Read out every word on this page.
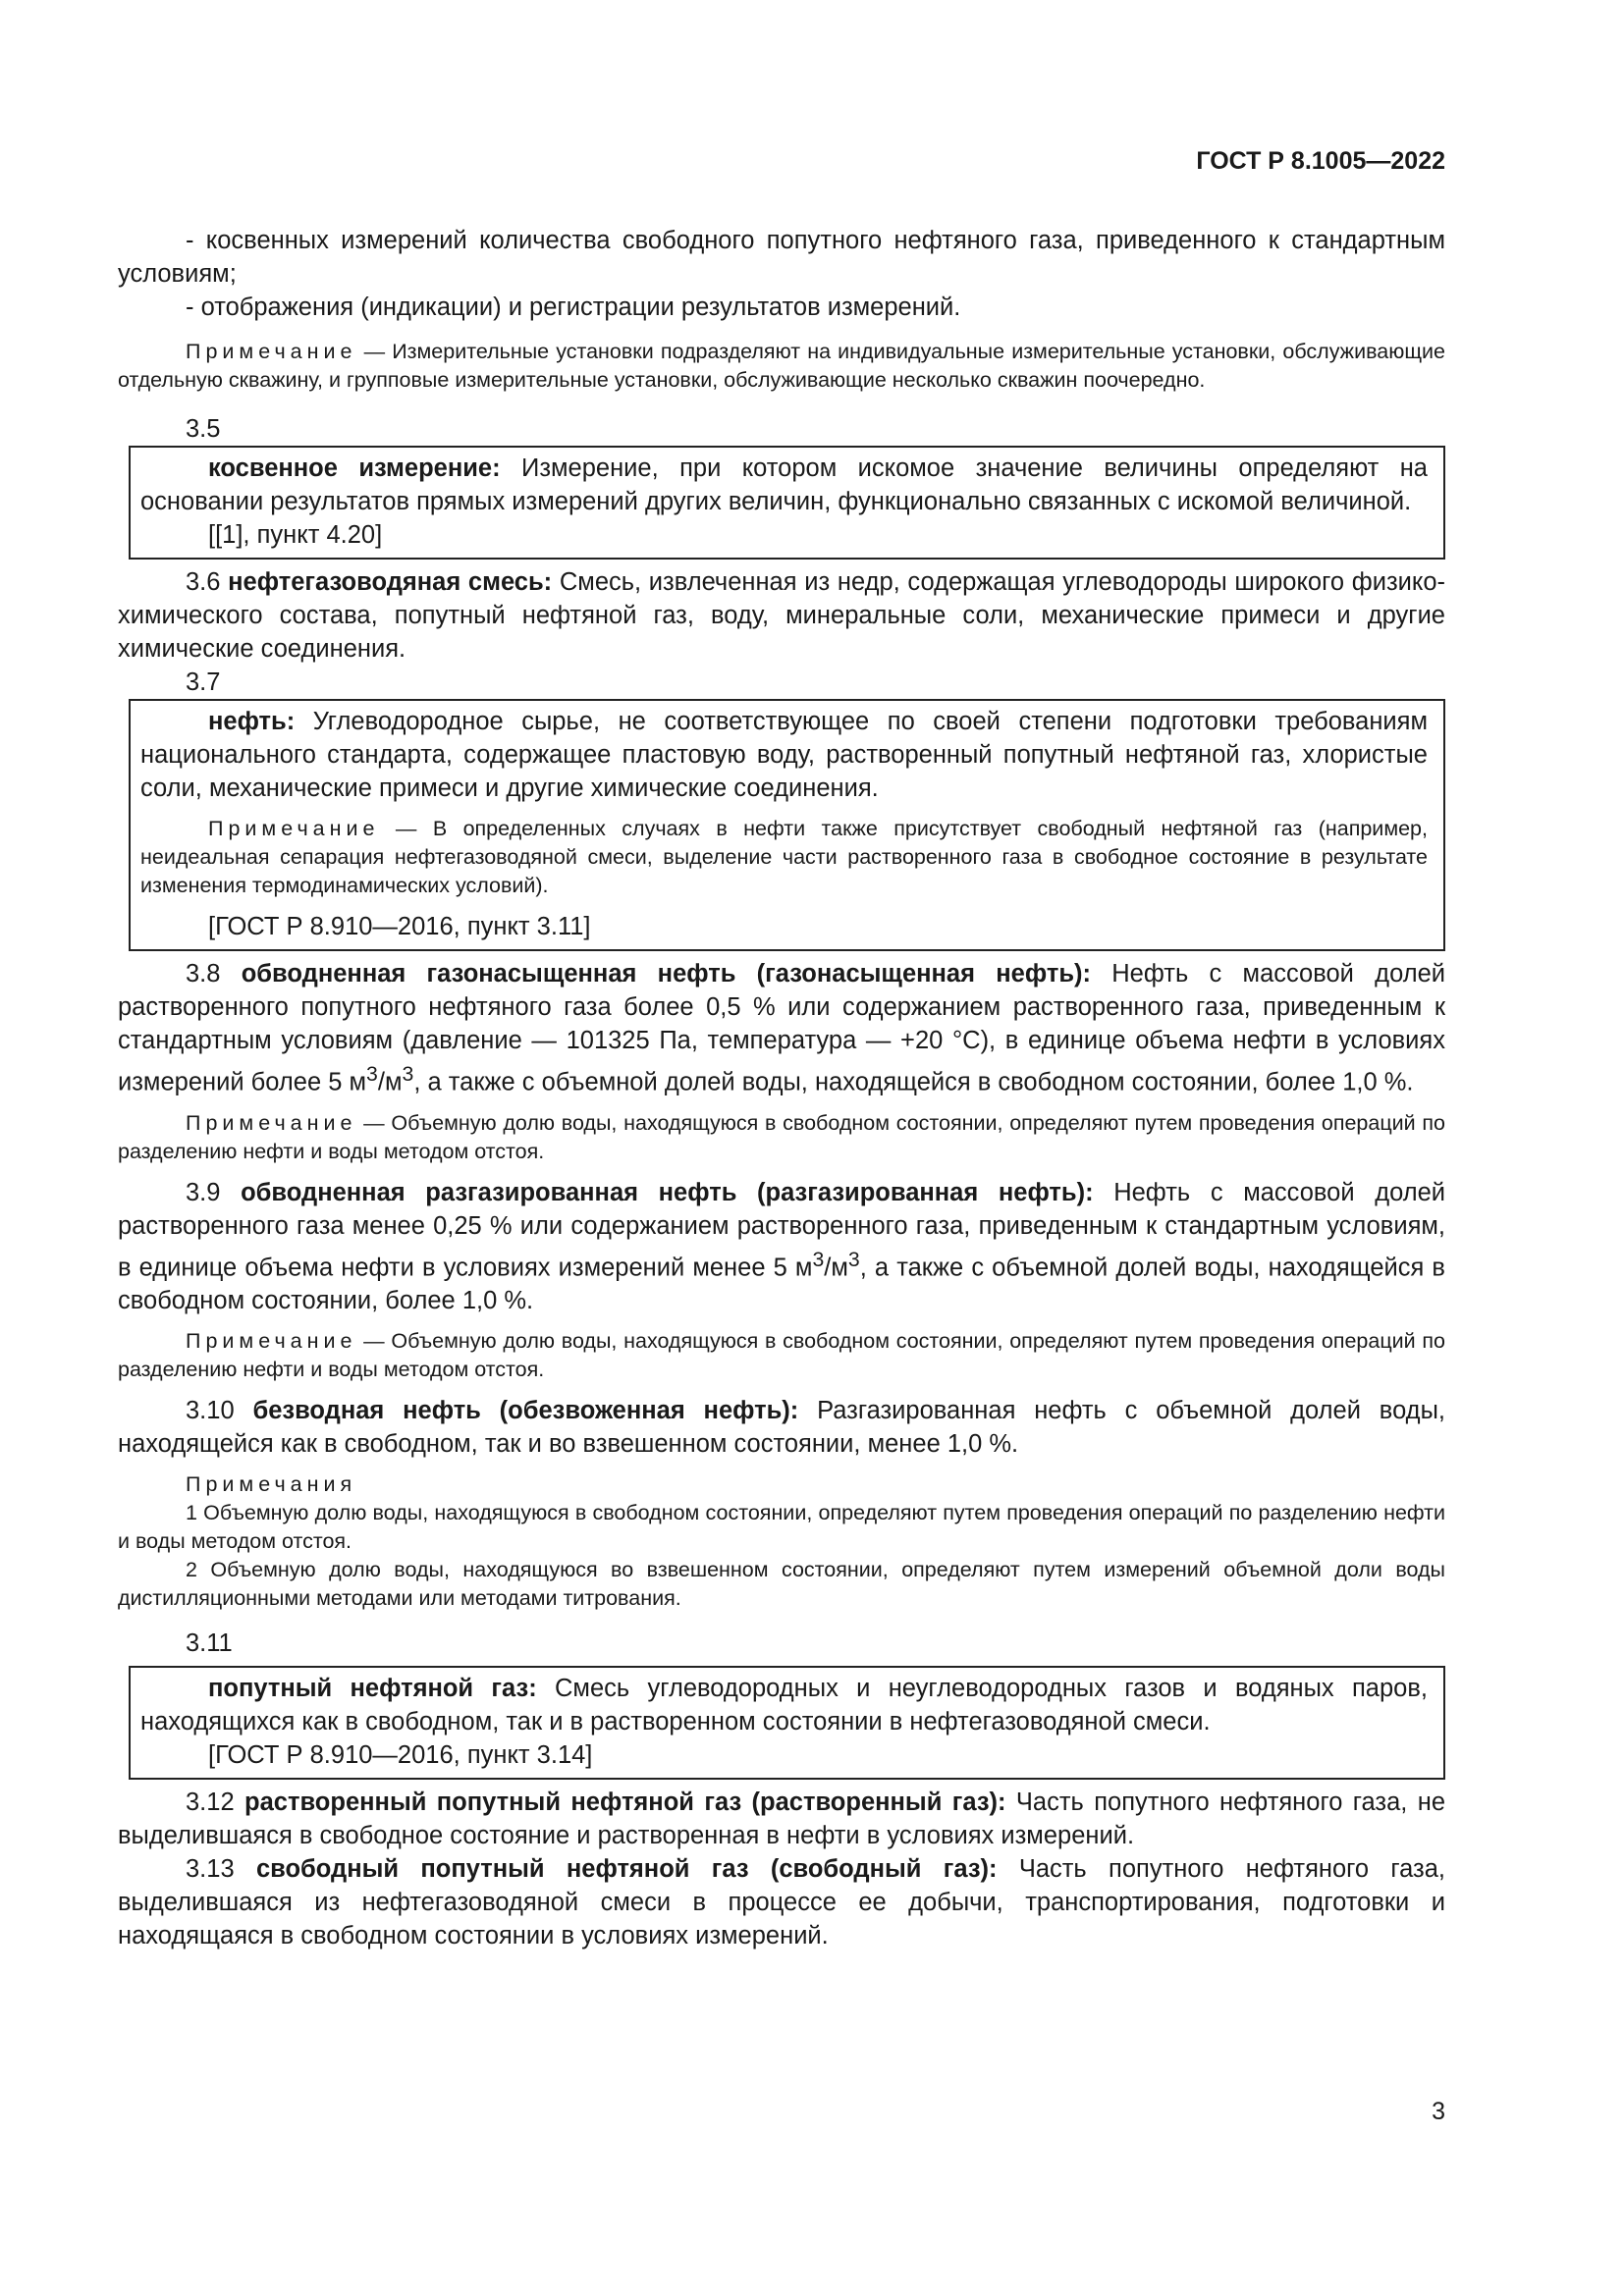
ГОСТ Р 8.1005—2022

- косвенных измерений количества свободного попутного нефтяного газа, приведенного к стандартным условиям;

- отображения (индикации) и регистрации результатов измерений.

Примечание — Измерительные установки подразделяют на индивидуальные измерительные установки, обслуживающие отдельную скважину, и групповые измерительные установки, обслуживающие несколько скважин поочередно.

3.5

косвенное измерение: Измерение, при котором искомое значение величины определяют на основании результатов прямых измерений других величин, функционально связанных с искомой величиной.

[[1], пункт 4.20]

3.6 нефтегазоводяная смесь: Смесь, извлеченная из недр, содержащая углеводороды широкого физико-химического состава, попутный нефтяной газ, воду, минеральные соли, механические примеси и другие химические соединения.

3.7

нефть: Углеводородное сырье, не соответствующее по своей степени подготовки требованиям национального стандарта, содержащее пластовую воду, растворенный попутный нефтяной газ, хлористые соли, механические примеси и другие химические соединения.

Примечание — В определенных случаях в нефти также присутствует свободный нефтяной газ (например, неидеальная сепарация нефтегазоводяной смеси, выделение части растворенного газа в свободное состояние в результате изменения термодинамических условий).

[ГОСТ Р 8.910—2016, пункт 3.11]

3.8 обводненная газонасыщенная нефть (газонасыщенная нефть): Нефть с массовой долей растворенного попутного нефтяного газа более 0,5 % или содержанием растворенного газа, приведенным к стандартным условиям (давление — 101325 Па, температура — +20 °С), в единице объема нефти в условиях измерений более 5 $м^3/м^3$, а также с объемной долей воды, находящейся в свободном состоянии, более 1,0 %.

Примечание — Объемную долю воды, находящуюся в свободном состоянии, определяют путем проведения операций по разделению нефти и воды методом отстоя.

3.9 обводненная разгазированная нефть (разгазированная нефть): Нефть с массовой долей растворенного газа менее 0,25 % или содержанием растворенного газа, приведенным к стандартным условиям, в единице объема нефти в условиях измерений менее 5 $м^3/м^3$, а также с объемной долей воды, находящейся в свободном состоянии, более 1,0 %.

Примечание — Объемную долю воды, находящуюся в свободном состоянии, определяют путем проведения операций по разделению нефти и воды методом отстоя.

3.10 безводная нефть (обезвоженная нефть): Разгазированная нефть с объемной долей воды, находящейся как в свободном, так и во взвешенном состоянии, менее 1,0 %.

Примечания

1 Объемную долю воды, находящуюся в свободном состоянии, определяют путем проведения операций по разделению нефти и воды методом отстоя.

2 Объемную долю воды, находящуюся во взвешенном состоянии, определяют путем измерений объемной доли воды дистилляционными методами или методами титрования.

3.11

попутный нефтяной газ: Смесь углеводородных и неуглеводородных газов и водяных паров, находящихся как в свободном, так и в растворенном состоянии в нефтегазоводяной смеси.

[ГОСТ Р 8.910—2016, пункт 3.14]

3.12 растворенный попутный нефтяной газ (растворенный газ): Часть попутного нефтяного газа, не выделившаяся в свободное состояние и растворенная в нефти в условиях измерений.

3.13 свободный попутный нефтяной газ (свободный газ): Часть попутного нефтяного газа, выделившаяся из нефтегазоводяной смеси в процессе ее добычи, транспортирования, подготовки и находящаяся в свободном состоянии в условиях измерений.

3
